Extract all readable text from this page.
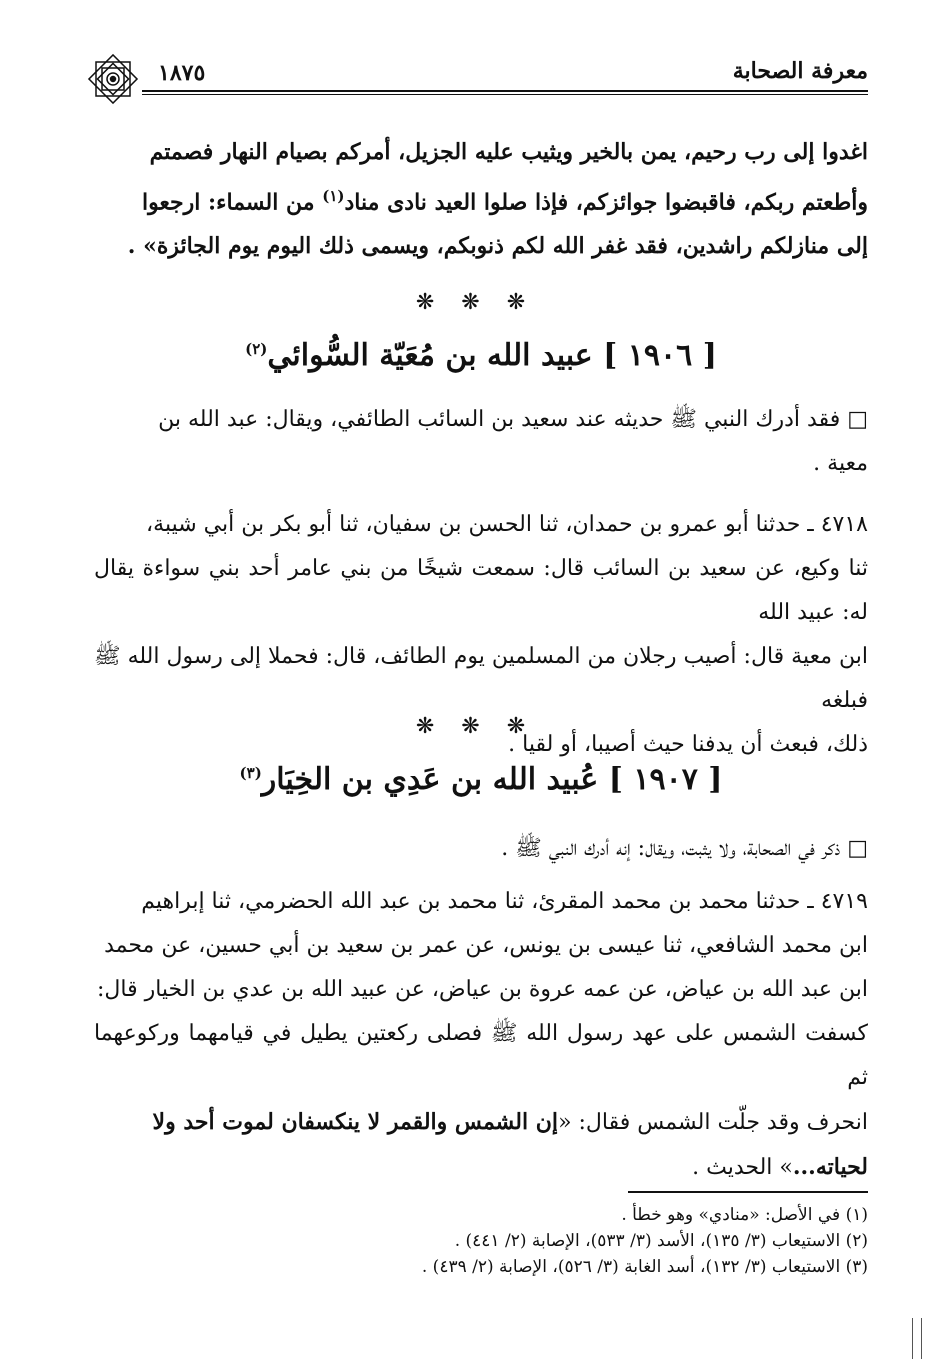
معرفة الصحابة
١٨٧٥

اغدوا إلى رب رحيم، يمن بالخير ويثيب عليه الجزيل، أمركم بصيام النهار فصمتم
وأطعتم ربكم، فاقبضوا جوائزكم، فإذا صلوا العيد نادى مناد$^{(١)}$ من السماء: ارجعوا
إلى منازلكم راشدين، فقد غفر الله لكم ذنوبكم، ويسمى ذلك اليوم يوم الجائزة» .

❋ ❋ ❋
[ ١٩٠٦ ] عبيد الله بن مُعَيّة السُّوائي$^{(٢)}$

□ فقد أدرك النبي ﷺ حديثه عند سعيد بن السائب الطائفي، ويقال: عبد الله بن
معية .

٤٧١٨ ـ حدثنا أبو عمرو بن حمدان، ثنا الحسن بن سفيان، ثنا أبو بكر بن أبي شيبة،
ثنا وكيع، عن سعيد بن السائب قال: سمعت شيخًا من بني عامر أحد بني سواءة يقال له: عبيد الله
ابن معية قال: أصيب رجلان من المسلمين يوم الطائف، قال: فحملا إلى رسول الله ﷺ فبلغه
ذلك، فبعث أن يدفنا حيث أصيبا، أو لقيا .

❋ ❋ ❋
[ ١٩٠٧ ] عُبيد الله بن عَدِي بن الخِيَار$^{(٣)}$

□ ذكر في الصحابة، ولا يثبت، ويقال: إنه أدرك النبي ﷺ .

٤٧١٩ ـ حدثنا محمد بن محمد المقرئ، ثنا محمد بن عبد الله الحضرمي، ثنا إبراهيم
ابن محمد الشافعي، ثنا عيسى بن يونس، عن عمر بن سعيد بن أبي حسين، عن محمد
ابن عبد الله بن عياض، عن عمه عروة بن عياض، عن عبيد الله بن عدي بن الخيار قال:
كسفت الشمس على عهد رسول الله ﷺ فصلى ركعتين يطيل في قيامهما وركوعهما ثم
انحرف وقد جلّت الشمس فقال: «إن الشمس والقمر لا ينكسفان لموت أحد ولا
لحياته...» الحديث .

(١) في الأصل: «منادي» وهو خطأ .
(٢) الاستيعاب (٣/ ١٣٥)، الأسد (٣/ ٥٣٣)، الإصابة (٢/ ٤٤١) .
(٣) الاستيعاب (٣/ ١٣٢)، أسد الغابة (٣/ ٥٢٦)، الإصابة (٢/ ٤٣٩) .
